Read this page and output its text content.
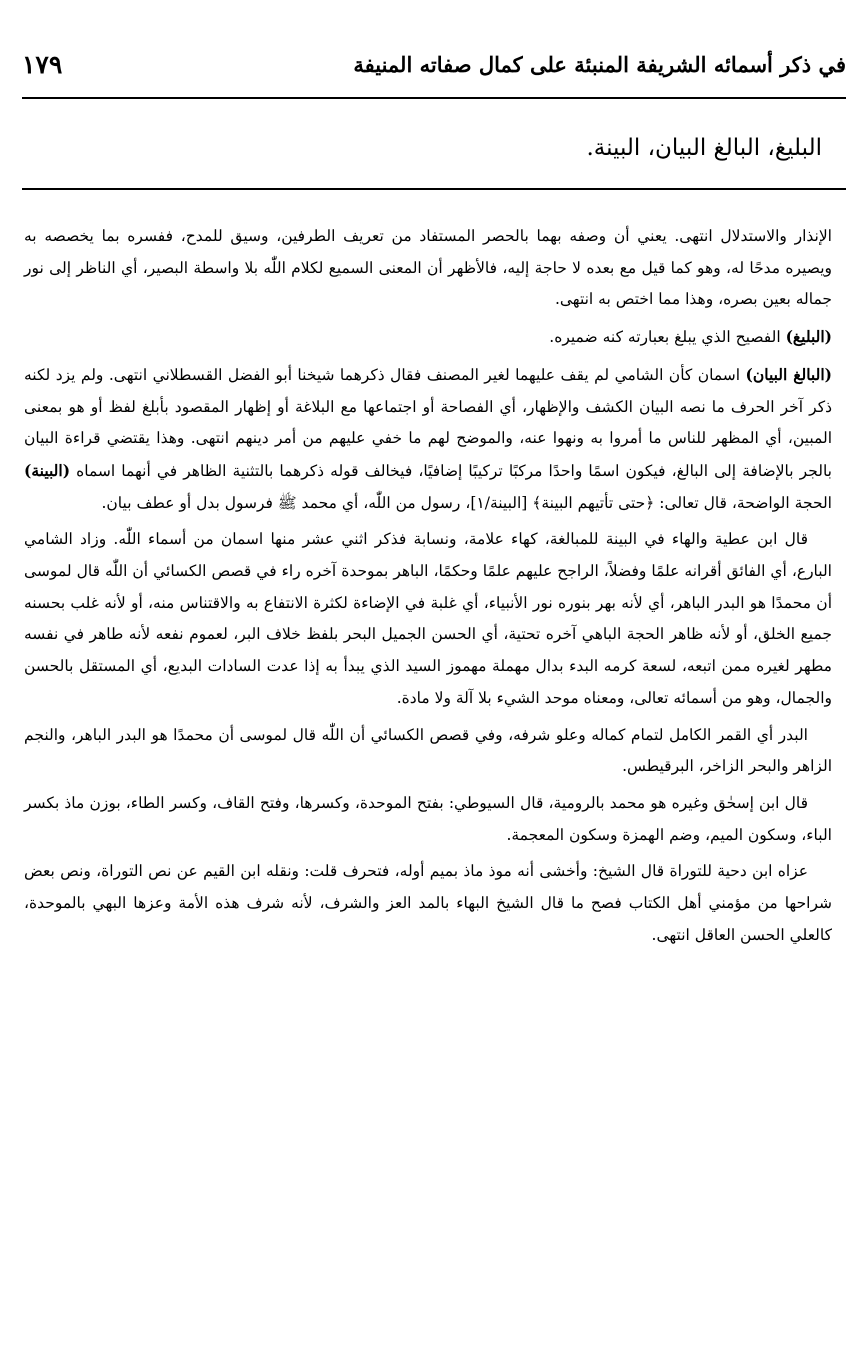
في ذكر أسمائه الشريفة المنبئة على كمال صفاته المنيفة
١٧٩
البليغ، البالغ البيان، البينة.

الإنذار والاستدلال انتهى. يعني أن وصفه بهما بالحصر المستفاد من تعريف الطرفين، وسيق للمدح، ففسره بما يخصصه به ويصيره مدحًا له، وهو كما قيل مع بعده لا حاجة إليه، فالأظهر أن المعنى السميع لكلام اللّٰه بلا واسطة البصير، أي الناظر إلى نور جماله بعين بصره، وهذا مما اختص به انتهى.

(البليغ) الفصيح الذي يبلغ بعبارته كنه ضميره.

(البالغ البيان) اسمان كأن الشامي لم يقف عليهما لغير المصنف فقال ذكرهما شيخنا أبو الفضل القسطلاني انتهى. ولم يزد لكنه ذكر آخر الحرف ما نصه البيان الكشف والإظهار، أي الفصاحة أو اجتماعها مع البلاغة أو إظهار المقصود بأبلغ لفظ أو هو بمعنى المبين، أي المظهر للناس ما أمروا به ونهوا عنه، والموضح لهم ما خفي عليهم من أمر دينهم انتهى. وهذا يقتضي قراءة البيان بالجر بالإضافة إلى البالغ، فيكون اسمًا واحدًا مركبًا تركيبًا إضافيًا، فيخالف قوله ذكرهما بالتثنية الظاهر في أنهما اسماه (البينة) الحجة الواضحة، قال تعالى: ﴿حتى تأتيهم البينة﴾ [البينة/١]، رسول من اللّٰه، أي محمد ﷺ فرسول بدل أو عطف بيان.

قال ابن عطية والهاء في البينة للمبالغة، كهاء علامة، ونسابة فذكر اثني عشر منها اسمان من أسماء اللّٰه. وزاد الشامي البارع، أي الفائق أقرانه علمًا وفضلاً، الراجح عليهم علمًا وحكمًا، الباهر بموحدة آخره راء في قصص الكسائي أن اللّٰه قال لموسى أن محمدًا هو البدر الباهر، أي لأنه بهر بنوره نور الأنبياء، أي غلبة في الإضاءة لكثرة الانتفاع به والاقتناس منه، أو لأنه غلب بحسنه جميع الخلق، أو لأنه ظاهر الحجة الباهي آخره تحتية، أي الحسن الجميل البحر بلفظ خلاف البر، لعموم نفعه لأنه طاهر في نفسه مطهر لغيره ممن اتبعه، لسعة كرمه البدء بدال مهملة مهموز السيد الذي يبدأ به إذا عدت السادات البديع، أي المستقل بالحسن والجمال، وهو من أسمائه تعالى، ومعناه موحد الشيء بلا آلة ولا مادة.

البدر أي القمر الكامل لتمام كماله وعلو شرفه، وفي قصص الكسائي أن اللّٰه قال لموسى أن محمدًا هو البدر الباهر، والنجم الزاهر والبحر الزاخر، البرقيطس.

قال ابن إسحٰق وغيره هو محمد بالرومية، قال السيوطي: بفتح الموحدة، وكسرها، وفتح القاف، وكسر الطاء، بوزن ماذ بكسر الباء، وسكون الميم، وضم الهمزة وسكون المعجمة.

عزاه ابن دحية للتوراة قال الشيخ: وأخشى أنه موذ ماذ بميم أوله، فتحرف قلت: ونقله ابن القيم عن نص التوراة، ونص بعض شراحها من مؤمني أهل الكتاب فصح ما قال الشيخ البهاء بالمد العز والشرف، لأنه شرف هذه الأمة وعزها البهي بالموحدة، كالعلي الحسن العاقل انتهى.
